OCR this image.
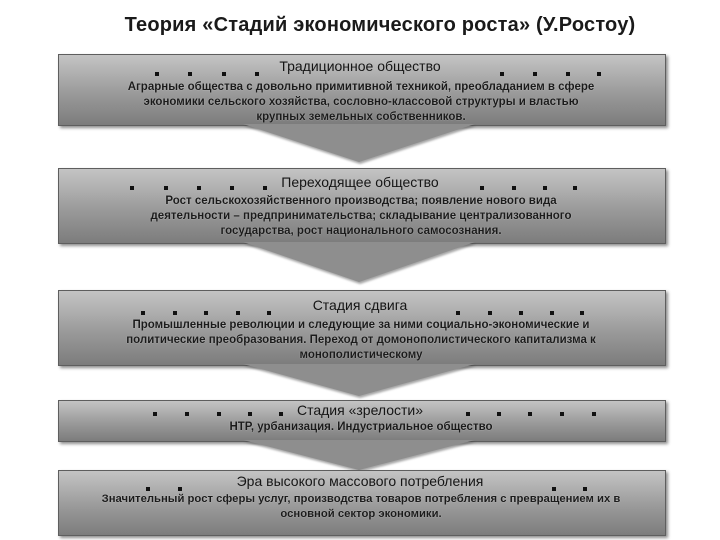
Теория «Стадий экономического роста» (У.Ростоу)
Традиционное общество
Аграрные общества с довольно примитивной техникой, преобладанием в сфере
экономики сельского хозяйства, сословно-классовой структуры и властью
крупных земельных собственников.
Переходящее общество
Рост сельскохозяйственного производства; появление нового вида
деятельности – предпринимательства; складывание централизованного
государства, рост национального самосознания.
Стадия сдвига
Промышленные революции и следующие за ними социально-экономические и
политические преобразования. Переход от домонополистического капитализма к
монополистическому
Стадия «зрелости»
НТР, урбанизация. Индустриальное общество
Эра высокого массового потребления
Значительный рост сферы услуг, производства товаров потребления с превращением их в
основной сектор экономики.
